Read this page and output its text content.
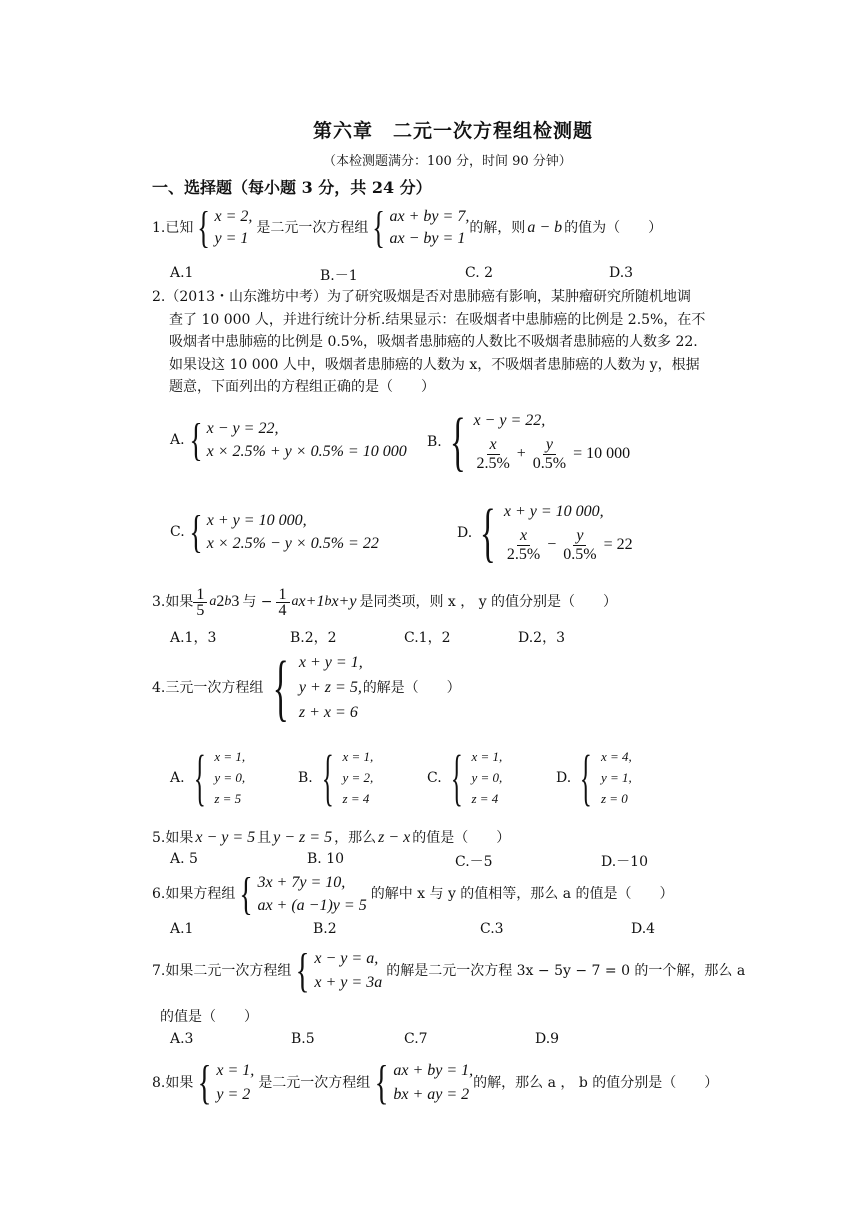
第六章　二元一次方程组检测题
（本检测题满分：100 分，时间 90 分钟）
一、选择题（每小题 3 分，共 24 分）
1.已知 { x = 2,
y = 1
是二元一次方程组 { ax + by = 7,
ax − by = 1
的解，则 a − b 的值为（　　）
A.1	B.－1	C. 2	D.3
2.（2013・山东潍坊中考）为了研究吸烟是否对患肺癌有影响，某肿瘤研究所随机地调
查了 10 000 人，并进行统计分析.结果显示：在吸烟者中患肺癌的比例是 2.5%，在不
吸烟者中患肺癌的比例是 0.5%，吸烟者患肺癌的人数比不吸烟者患肺癌的人数多 22.
如果设这 10 000 人中，吸烟者患肺癌的人数为 x，不吸烟者患肺癌的人数为 y，根据
题意，下面列出的方程组正确的是（　　）
A. { x − y = 22,
x × 2.5% + y × 0.5% = 10 000
B. { x − y = 22,
$\frac{x}{2.5\%} + \frac{y}{0.5\%} = 10$ 000
C. { x + y = 10 000,
x × 2.5% − y × 0.5% = 22
D. { x + y = 10 000,
$\frac{x}{2.5\%} - \frac{y}{0.5\%} = 22$
3.如果 $\frac{1}{5}$ a 2 b 3 与 − $\frac{1}{4}$ a x+1 b x+y 是同类项，则 x ， y 的值分别是（　　）
A.1，3	B.2，2	C.1，2	D.2，3
4.三元一次方程组 { x + y = 1,
y + z = 5,
z + x = 6
的解是（　　）
A. { x = 1,
y = 0,
z = 5
B. { x = 1,
y = 2,
z = 4
C. { x = 1,
y = 0,
z = 4
D. { x = 4,
y = 1,
z = 0
5.如果 x − y = 5 且 y − z = 5 ，那么 z − x 的值是（　　）
A. 5	B. 10	C.－5	D.－10
6.如果方程组 { 3x + 7y = 10,
ax + (a −1)y = 5
的解中 x 与 y 的值相等，那么 a 的值是（　　）
A.1	B.2	C.3	D.4
7.如果二元一次方程组 { x − y = a,
x + y = 3a
的解是二元一次方程 3x − 5y − 7 = 0 的一个解，那么 a
的值是（　　）
A.3	B.5	C.7	D.9
8.如果 { x = 1,
y = 2
是二元一次方程组 { ax + by = 1,
bx + ay = 2
的解，那么 a ， b 的值分别是（　　）
